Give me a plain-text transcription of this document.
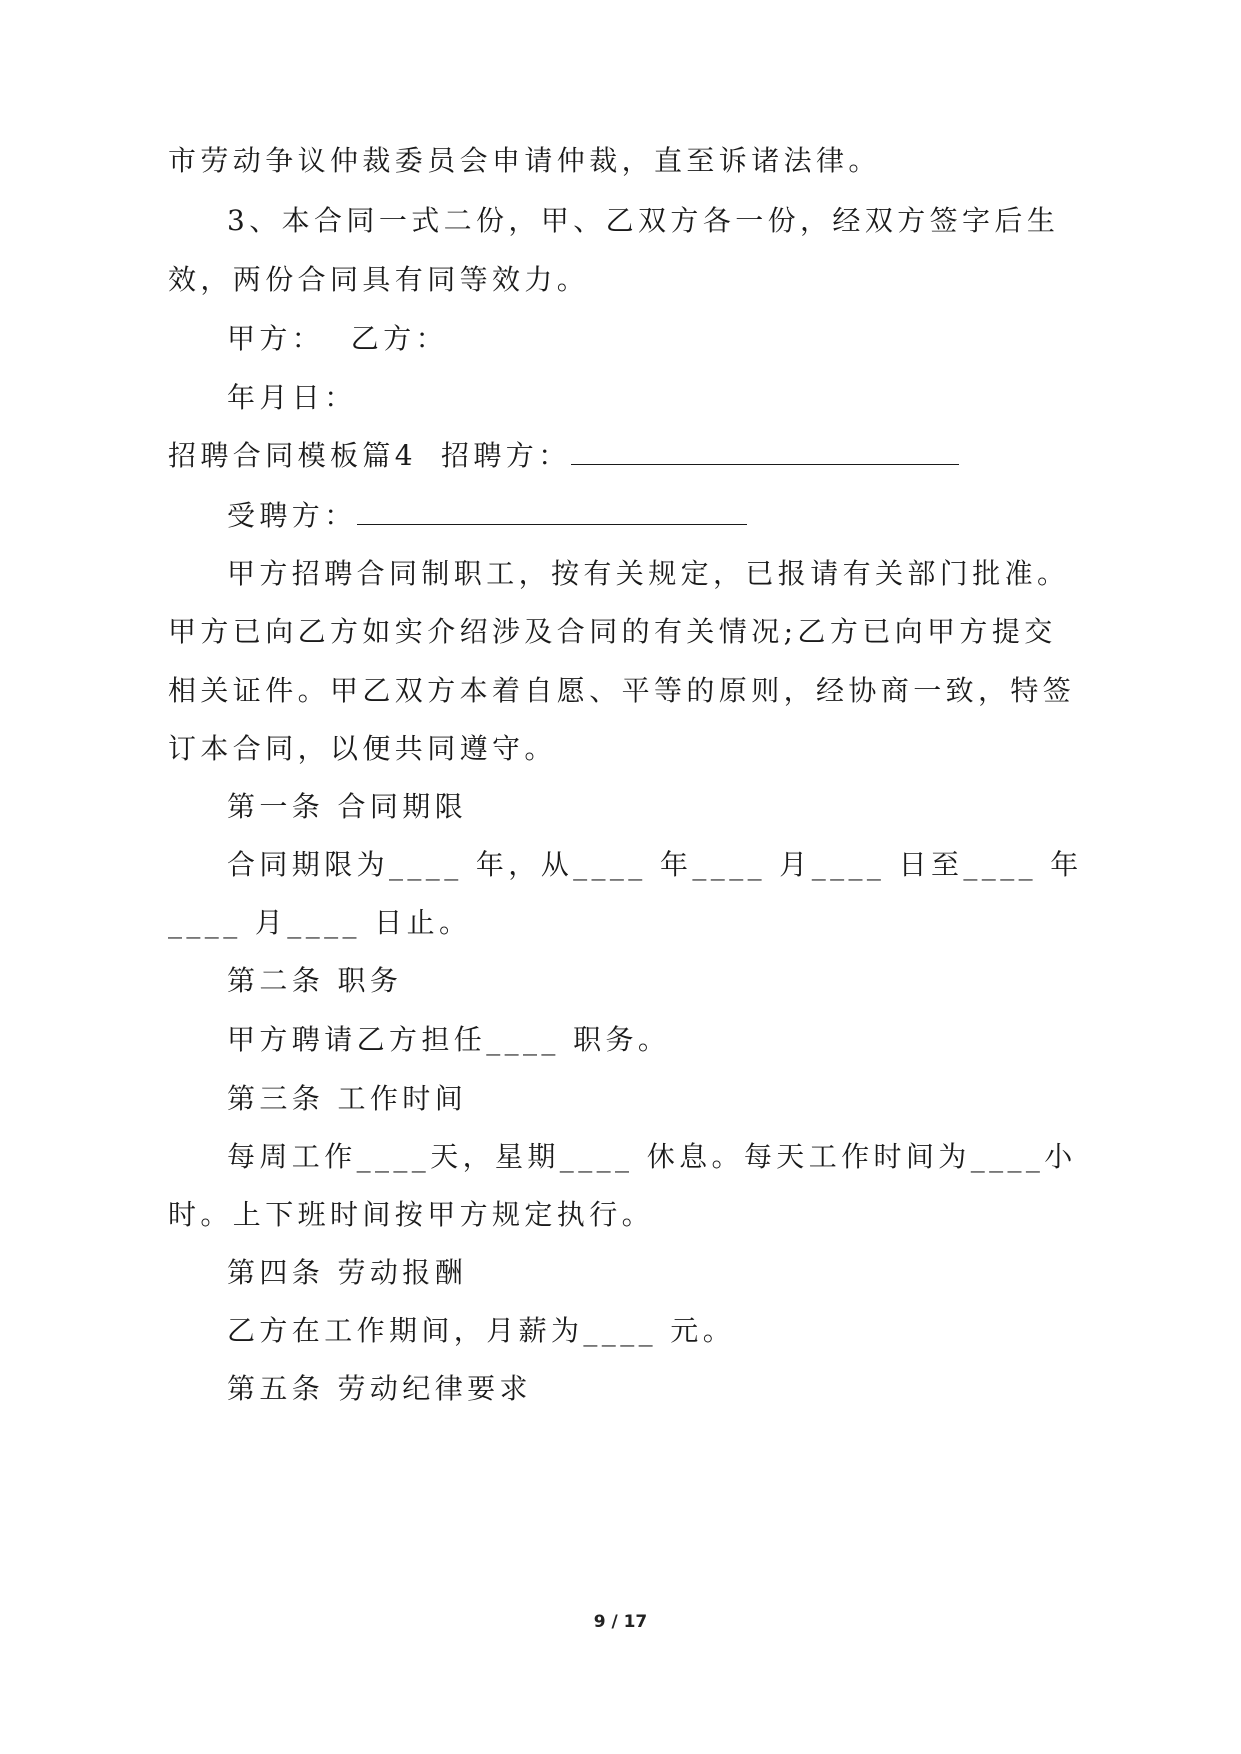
市劳动争议仲裁委员会申请仲裁，直至诉诸法律。
3、本合同一式二份，甲、乙双方各一份，经双方签字后生
效，两份合同具有同等效力。
甲方：  乙方：
年月日：
招聘合同模板篇4 招聘方：
受聘方：
甲方招聘合同制职工，按有关规定，已报请有关部门批准。
甲方已向乙方如实介绍涉及合同的有关情况;乙方已向甲方提交
相关证件。甲乙双方本着自愿、平等的原则，经协商一致，特签
订本合同，以便共同遵守。
第一条 合同期限
合同期限为____ 年，从____ 年____ 月____ 日至____ 年
____ 月____ 日止。
第二条 职务
甲方聘请乙方担任____ 职务。
第三条 工作时间
每周工作____天，星期____ 休息。每天工作时间为____小
时。上下班时间按甲方规定执行。
第四条 劳动报酬
乙方在工作期间，月薪为____ 元。
第五条 劳动纪律要求
9 / 17
